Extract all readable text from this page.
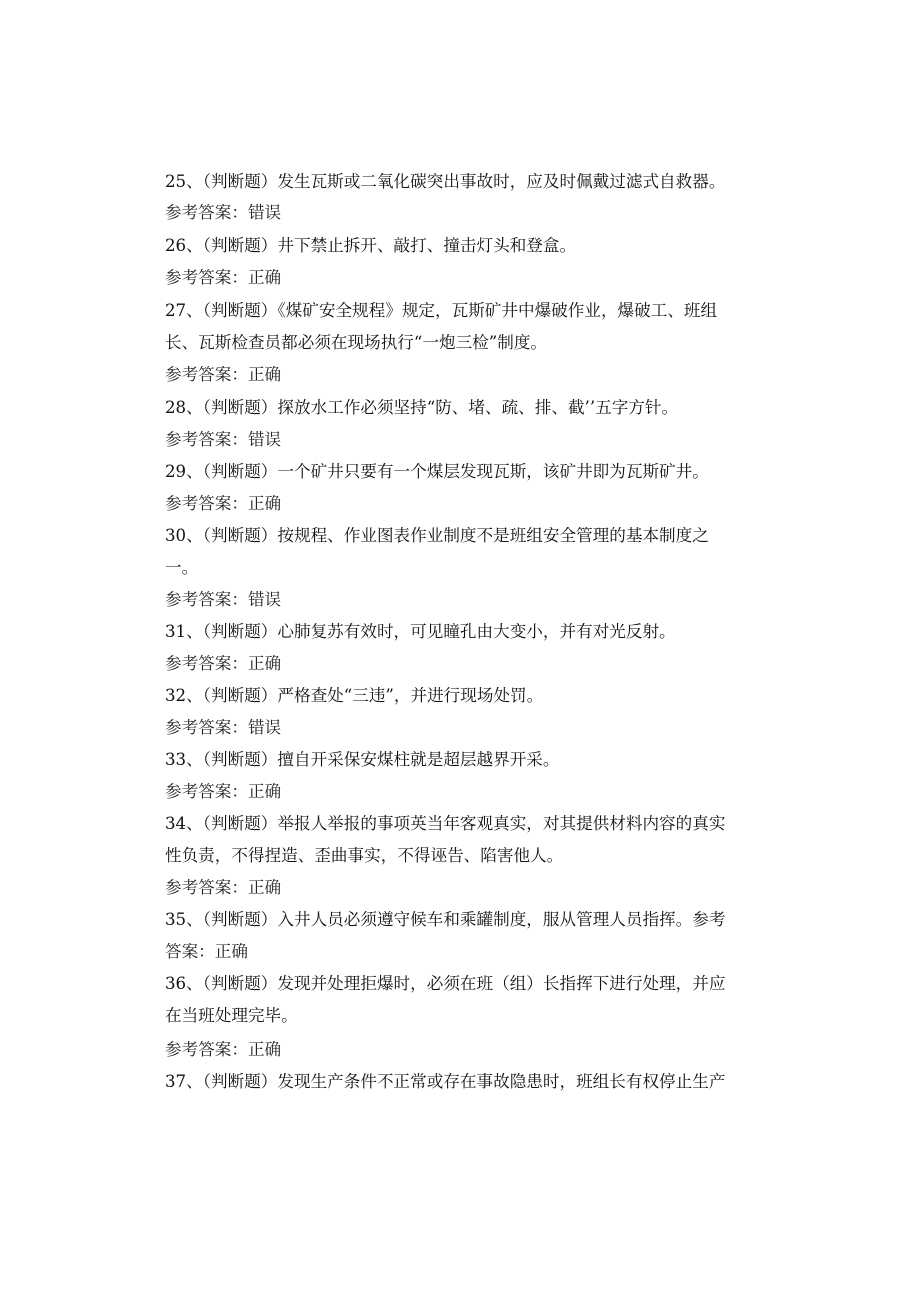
25、（判断题）发生瓦斯或二氧化碳突出事故时，应及时佩戴过滤式自救器。
参考答案：错误
26、（判断题）井下禁止拆开、敲打、撞击灯头和登盒。
参考答案：正确
27、（判断题）《煤矿安全规程》规定，瓦斯矿井中爆破作业，爆破工、班组
长、瓦斯检查员都必须在现场执行“一炮三检”制度。
参考答案：正确
28、（判断题）探放水工作必须坚持“防、堵、疏、排、截’’五字方针。
参考答案：错误
29、（判断题）一个矿井只要有一个煤层发现瓦斯，该矿井即为瓦斯矿井。
参考答案：正确
30、（判断题）按规程、作业图表作业制度不是班组安全管理的基本制度之
一。
参考答案：错误
31、（判断题）心肺复苏有效时，可见瞳孔由大变小，并有对光反射。
参考答案：正确
32、（判断题）严格查处“三违”，并进行现场处罚。
参考答案：错误
33、（判断题）擅自开采保安煤柱就是超层越界开采。
参考答案：正确
34、（判断题）举报人举报的事项英当年客观真实，对其提供材料内容的真实
性负责，不得捏造、歪曲事实，不得诬告、陷害他人。
参考答案：正确
35、（判断题）入井人员必须遵守候车和乘罐制度，服从管理人员指挥。参考
答案：正确
36、（判断题）发现并处理拒爆时，必须在班（组）长指挥下进行处理，并应
在当班处理完毕。
参考答案：正确
37、（判断题）发现生产条件不正常或存在事故隐患时，班组长有权停止生产
